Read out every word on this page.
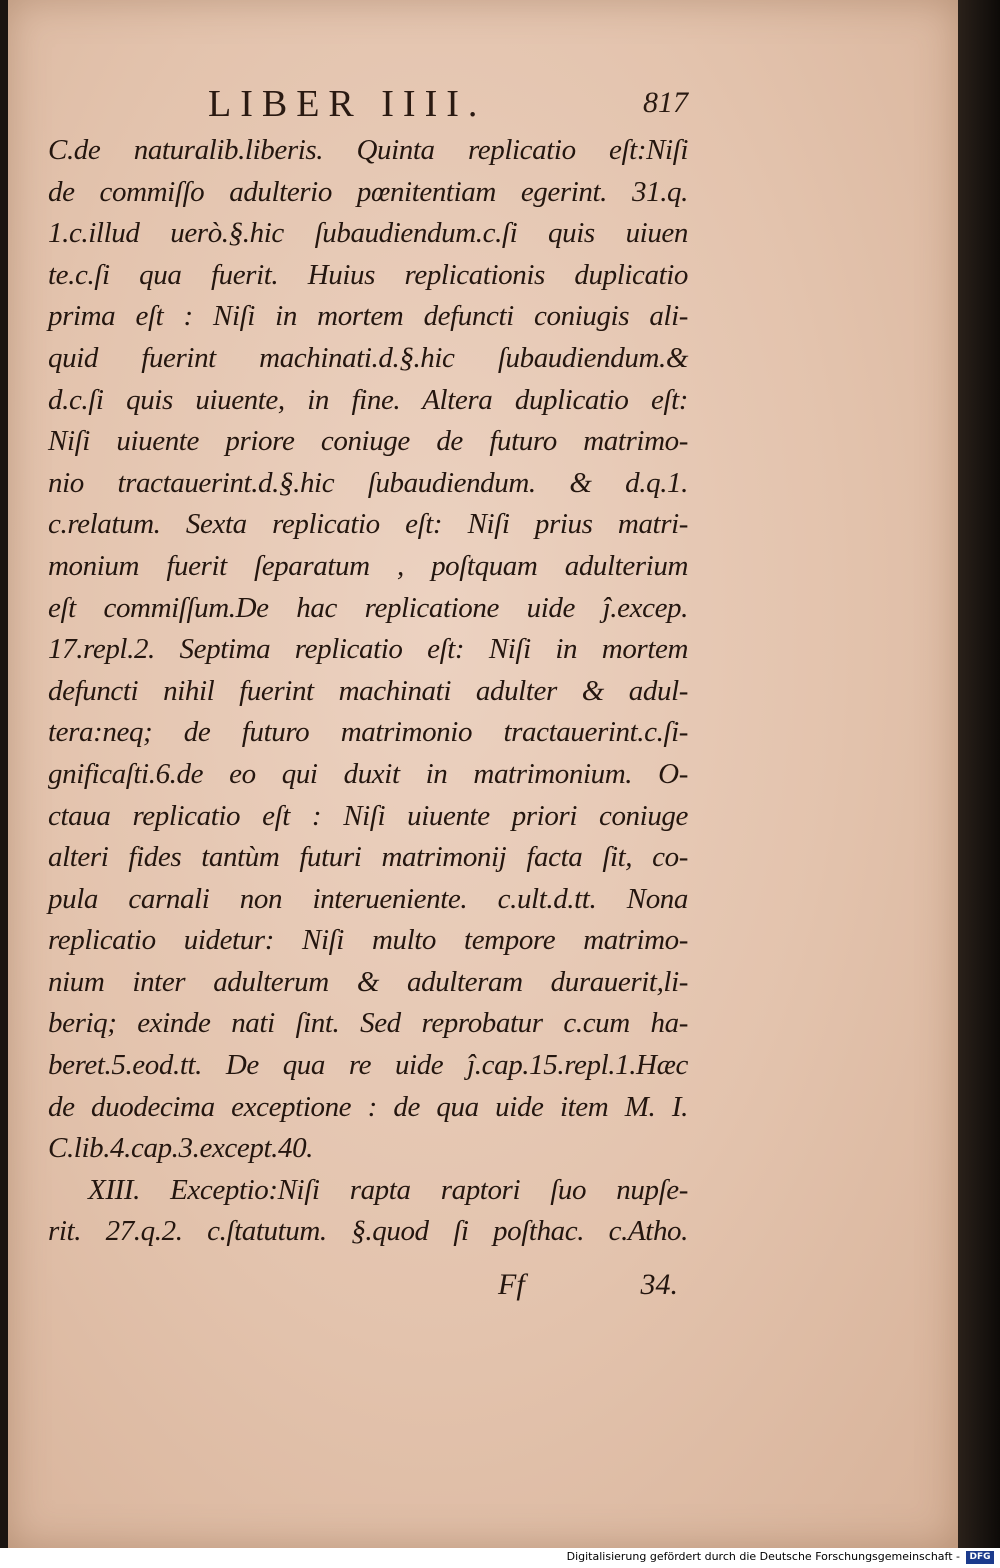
LIBER IIII.	817
C.de naturalib.liberis. Quinta replicatio eſt:Niſi
de commiſſo adulterio pœnitentiam egerint. 31.q.
1.c.illud uerò.§.hic ſubaudiendum.c.ſi quis uiuen
te.c.ſi qua fuerit. Huius replicationis duplicatio
prima eſt : Niſi in mortem defuncti coniugis ali-
quid fuerint machinati.d.§.hic ſubaudiendum.&
d.c.ſi quis uiuente, in fine. Altera duplicatio eſt:
Niſi uiuente priore coniuge de futuro matrimo-
nio tractauerint.d.§.hic ſubaudiendum. & d.q.1.
c.relatum. Sexta replicatio eſt: Niſi prius matri-
monium fuerit ſeparatum , poſtquam adulterium
eſt commiſſum.De hac replicatione uide ĵ.excep.
17.repl.2. Septima replicatio eſt: Niſi in mortem
defuncti nihil fuerint machinati adulter & adul-
tera:neq; de futuro matrimonio tractauerint.c.ſi-
gnificaſti.6.de eo qui duxit in matrimonium. O-
ctaua replicatio eſt : Niſi uiuente priori coniuge
alteri fides tantùm futuri matrimonij facta ſit, co-
pula carnali non interueniente. c.ult.d.tt. Nona
replicatio uidetur: Niſi multo tempore matrimo-
nium inter adulterum & adulteram durauerit,li-
beriq; exinde nati ſint. Sed reprobatur c.cum ha-
beret.5.eod.tt. De qua re uide ĵ.cap.15.repl.1.Hæc
de duodecima exceptione : de qua uide item M. I.
C.lib.4.cap.3.except.40.
XIII. Exceptio:Niſi rapta raptori ſuo nupſe-
rit. 27.q.2. c.ſtatutum. §.quod ſi poſthac. c.Atho.
Ff	34.
Digitalisierung gefördert durch die Deutsche Forschungsgemeinschaft -	DFG
